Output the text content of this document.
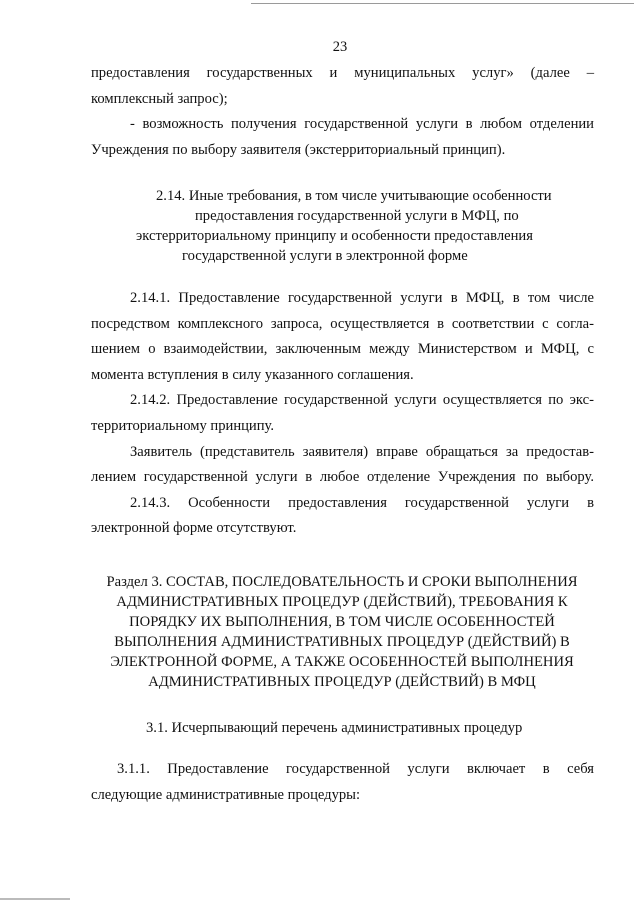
23
предоставления государственных и муниципальных услуг» (далее –
комплексный запрос);
- возможность получения государственной услуги в любом отделении
Учреждения по выбору заявителя (экстерриториальный принцип).
2.14. Иные требования, в том числе учитывающие особенности
предоставления государственной услуги в МФЦ, по
экстерриториальному принципу и особенности предоставления
государственной услуги в электронной форме
2.14.1. Предоставление государственной услуги в МФЦ, в том числе
посредством комплексного запроса, осуществляется в соответствии с согла-
шением о взаимодействии, заключенным между Министерством и МФЦ, с
момента вступления в силу указанного соглашения.
2.14.2. Предоставление государственной услуги осуществляется по экс-
территориальному принципу.
Заявитель (представитель заявителя) вправе обращаться за предостав-
лением государственной услуги в любое отделение Учреждения по выбору.
2.14.3. Особенности предоставления государственной услуги в
электронной форме отсутствуют.
Раздел 3. СОСТАВ, ПОСЛЕДОВАТЕЛЬНОСТЬ И СРОКИ ВЫПОЛНЕНИЯ
АДМИНИСТРАТИВНЫХ ПРОЦЕДУР (ДЕЙСТВИЙ), ТРЕБОВАНИЯ К
ПОРЯДКУ ИХ ВЫПОЛНЕНИЯ, В ТОМ ЧИСЛЕ ОСОБЕННОСТЕЙ
ВЫПОЛНЕНИЯ АДМИНИСТРАТИВНЫХ ПРОЦЕДУР (ДЕЙСТВИЙ) В
ЭЛЕКТРОННОЙ ФОРМЕ, А ТАКЖЕ ОСОБЕННОСТЕЙ ВЫПОЛНЕНИЯ
АДМИНИСТРАТИВНЫХ ПРОЦЕДУР (ДЕЙСТВИЙ) В МФЦ
3.1. Исчерпывающий перечень административных процедур
3.1.1. Предоставление государственной услуги включает в себя
следующие административные процедуры:
